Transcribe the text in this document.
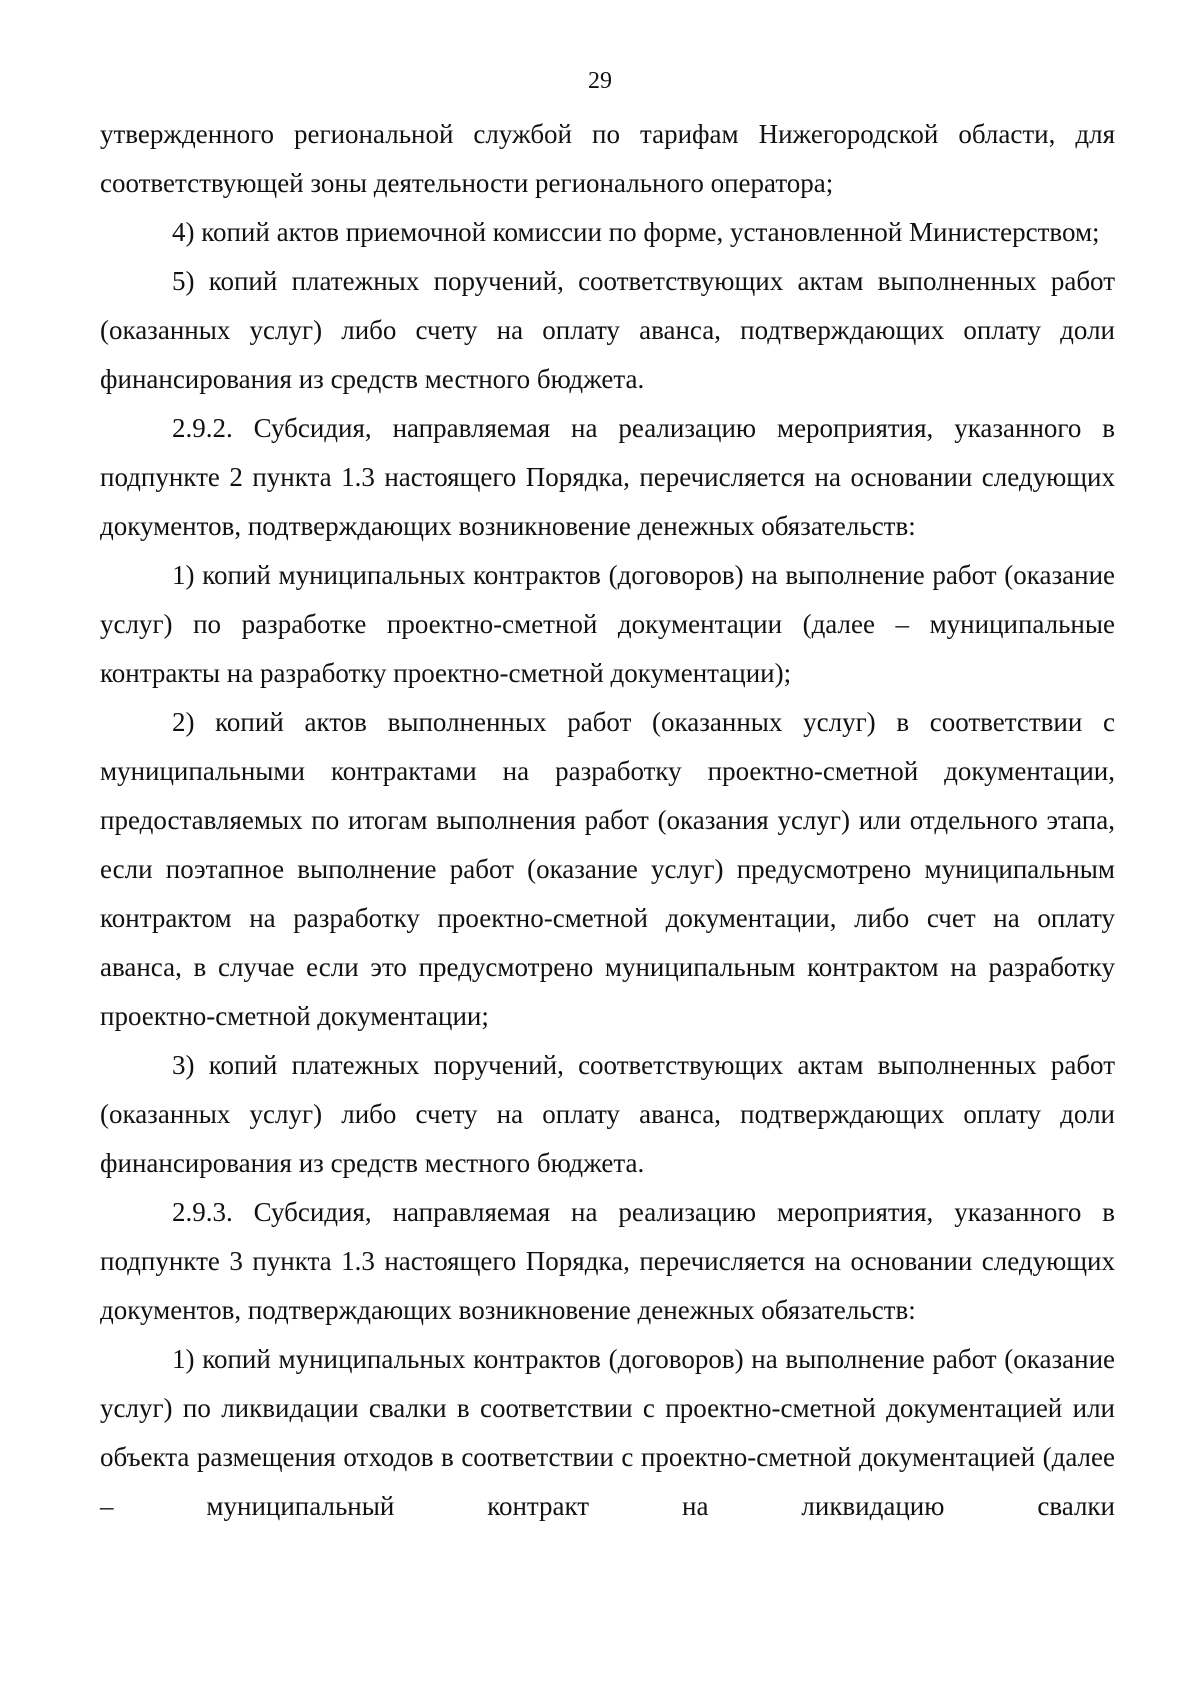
29

утвержденного региональной службой по тарифам Нижегородской области, для соответствующей зоны деятельности регионального оператора;

4) копий актов приемочной комиссии по форме, установленной Министерством;

5) копий платежных поручений, соответствующих актам выполненных работ (оказанных услуг) либо счету на оплату аванса, подтверждающих оплату доли финансирования из средств местного бюджета.

2.9.2. Субсидия, направляемая на реализацию мероприятия, указанного в подпункте 2 пункта 1.3 настоящего Порядка, перечисляется на основании следующих документов, подтверждающих возникновение денежных обязательств:

1) копий муниципальных контрактов (договоров) на выполнение работ (оказание услуг) по разработке проектно-сметной документации (далее – муниципальные контракты на разработку проектно-сметной документации);

2) копий актов выполненных работ (оказанных услуг) в соответствии с муниципальными контрактами на разработку проектно-сметной документации, предоставляемых по итогам выполнения работ (оказания услуг) или отдельного этапа, если поэтапное выполнение работ (оказание услуг) предусмотрено муниципальным контрактом на разработку проектно-сметной документации, либо счет на оплату аванса, в случае если это предусмотрено муниципальным контрактом на разработку проектно-сметной документации;

3) копий платежных поручений, соответствующих актам выполненных работ (оказанных услуг) либо счету на оплату аванса, подтверждающих оплату доли финансирования из средств местного бюджета.

2.9.3. Субсидия, направляемая на реализацию мероприятия, указанного в подпункте 3 пункта 1.3 настоящего Порядка, перечисляется на основании следующих документов, подтверждающих возникновение денежных обязательств:

1) копий муниципальных контрактов (договоров) на выполнение работ (оказание услуг) по ликвидации свалки в соответствии с проектно-сметной документацией или объекта размещения отходов в соответствии с проектно-сметной документацией (далее – муниципальный контракт на ликвидацию свалки
